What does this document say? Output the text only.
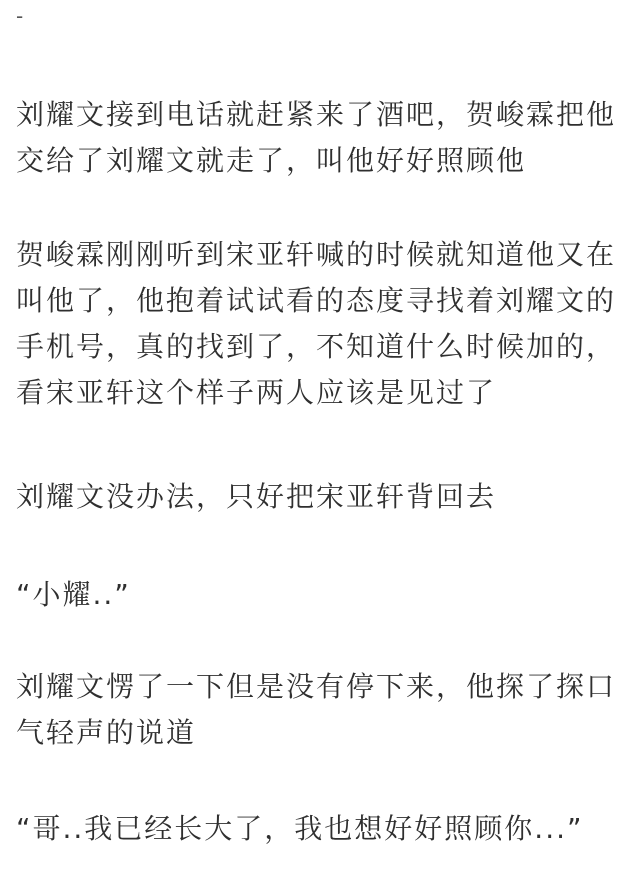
-

刘耀文接到电话就赶紧来了酒吧，贺峻霖把他
交给了刘耀文就走了，叫他好好照顾他

贺峻霖刚刚听到宋亚轩喊的时候就知道他又在
叫他了，他抱着试试看的态度寻找着刘耀文的
手机号，真的找到了，不知道什么时候加的，
看宋亚轩这个样子两人应该是见过了

刘耀文没办法，只好把宋亚轩背回去

“小耀..”

刘耀文愣了一下但是没有停下来，他探了探口
气轻声的说道

“哥..我已经长大了，我也想好好照顾你...”
